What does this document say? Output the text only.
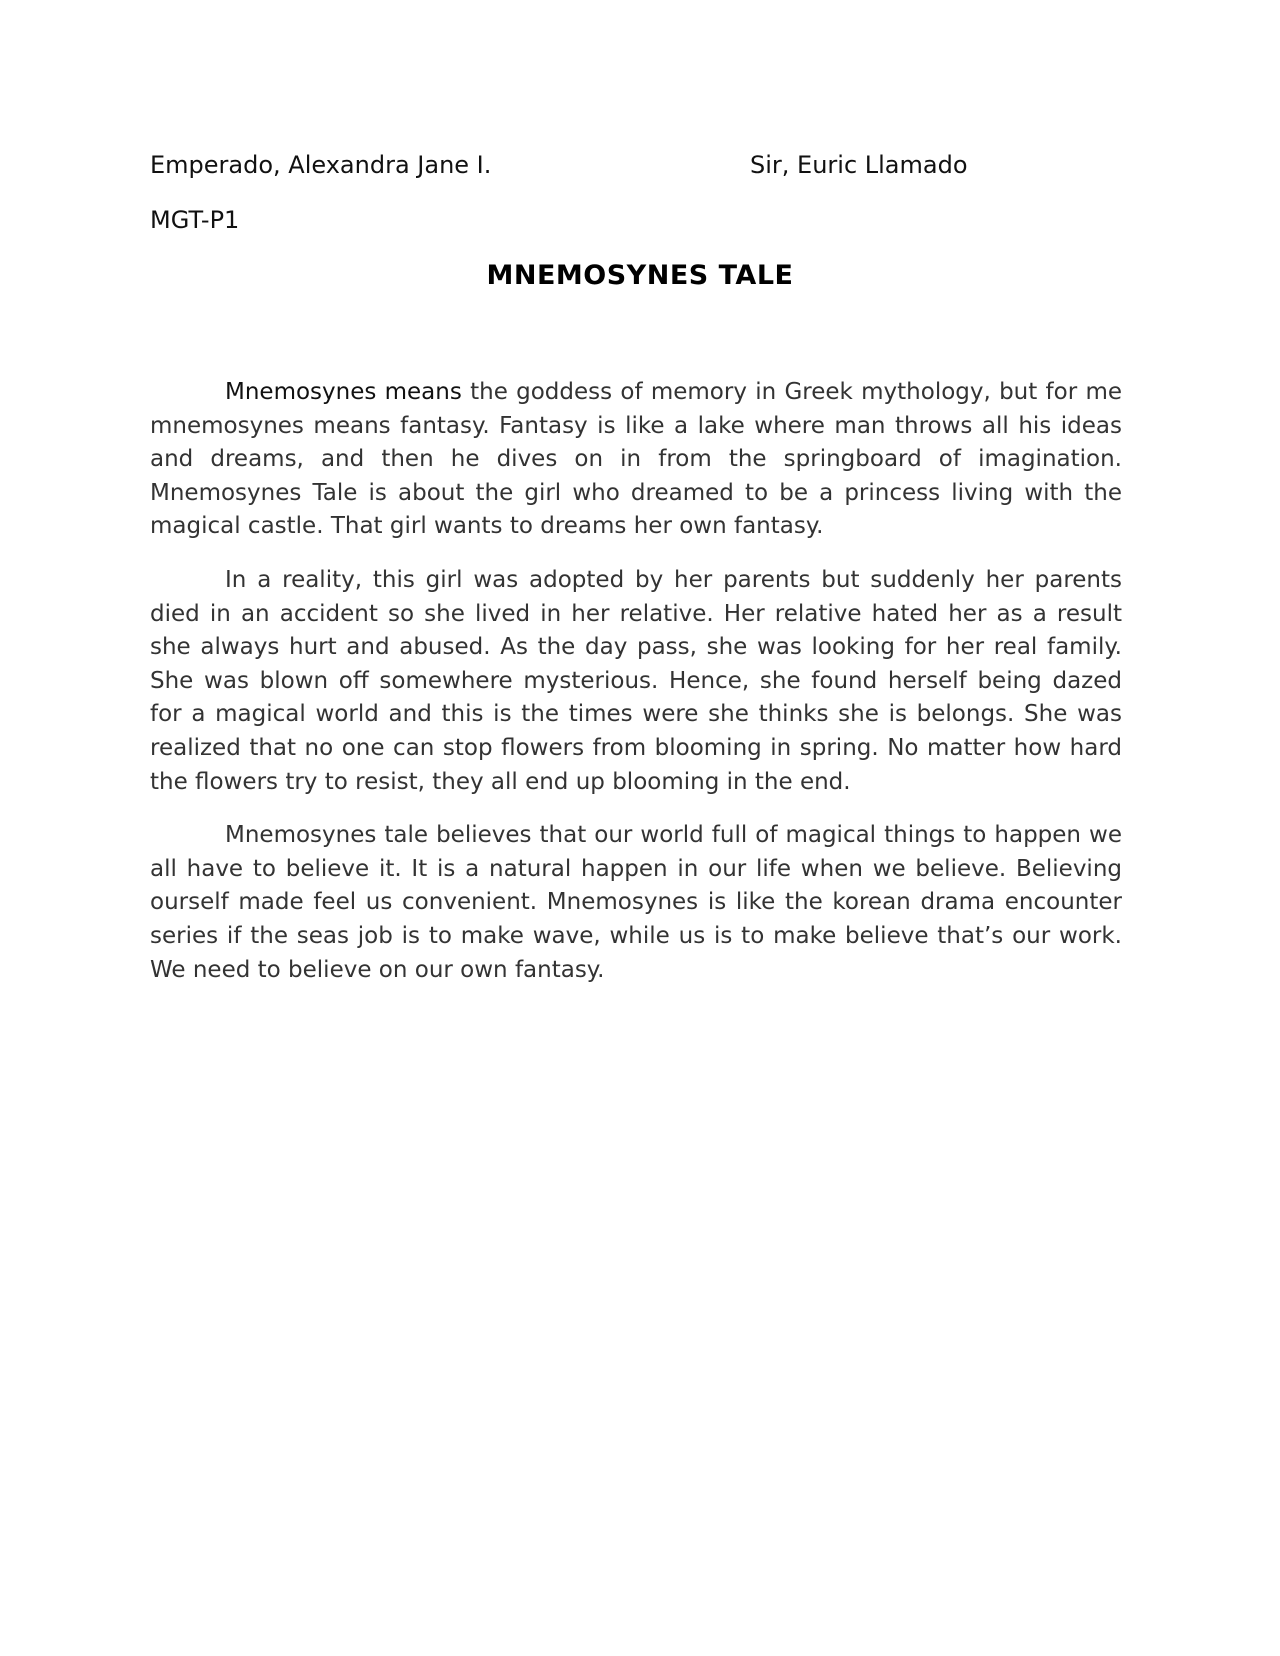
Emperado, Alexandra Jane I.	Sir, Euric Llamado
MGT-P1
MNEMOSYNES TALE

Mnemosynes means the goddess of memory in Greek mythology, but for me mnemosynes means fantasy. Fantasy is like a lake where man throws all his ideas and dreams, and then he dives on in from the springboard of imagination. Mnemosynes Tale is about the girl who dreamed to be a princess living with the magical castle. That girl wants to dreams her own fantasy.

In a reality, this girl was adopted by her parents but suddenly her parents died in an accident so she lived in her relative. Her relative hated her as a result she always hurt and abused. As the day pass, she was looking for her real family. She was blown off somewhere mysterious. Hence, she found herself being dazed for a magical world and this is the times were she thinks she is belongs. She was realized that no one can stop flowers from blooming in spring. No matter how hard the flowers try to resist, they all end up blooming in the end.

Mnemosynes tale believes that our world full of magical things to happen we all have to believe it. It is a natural happen in our life when we believe. Believing ourself made feel us convenient. Mnemosynes is like the korean drama encounter series if the seas job is to make wave, while us is to make believe that’s our work. We need to believe on our own fantasy.
